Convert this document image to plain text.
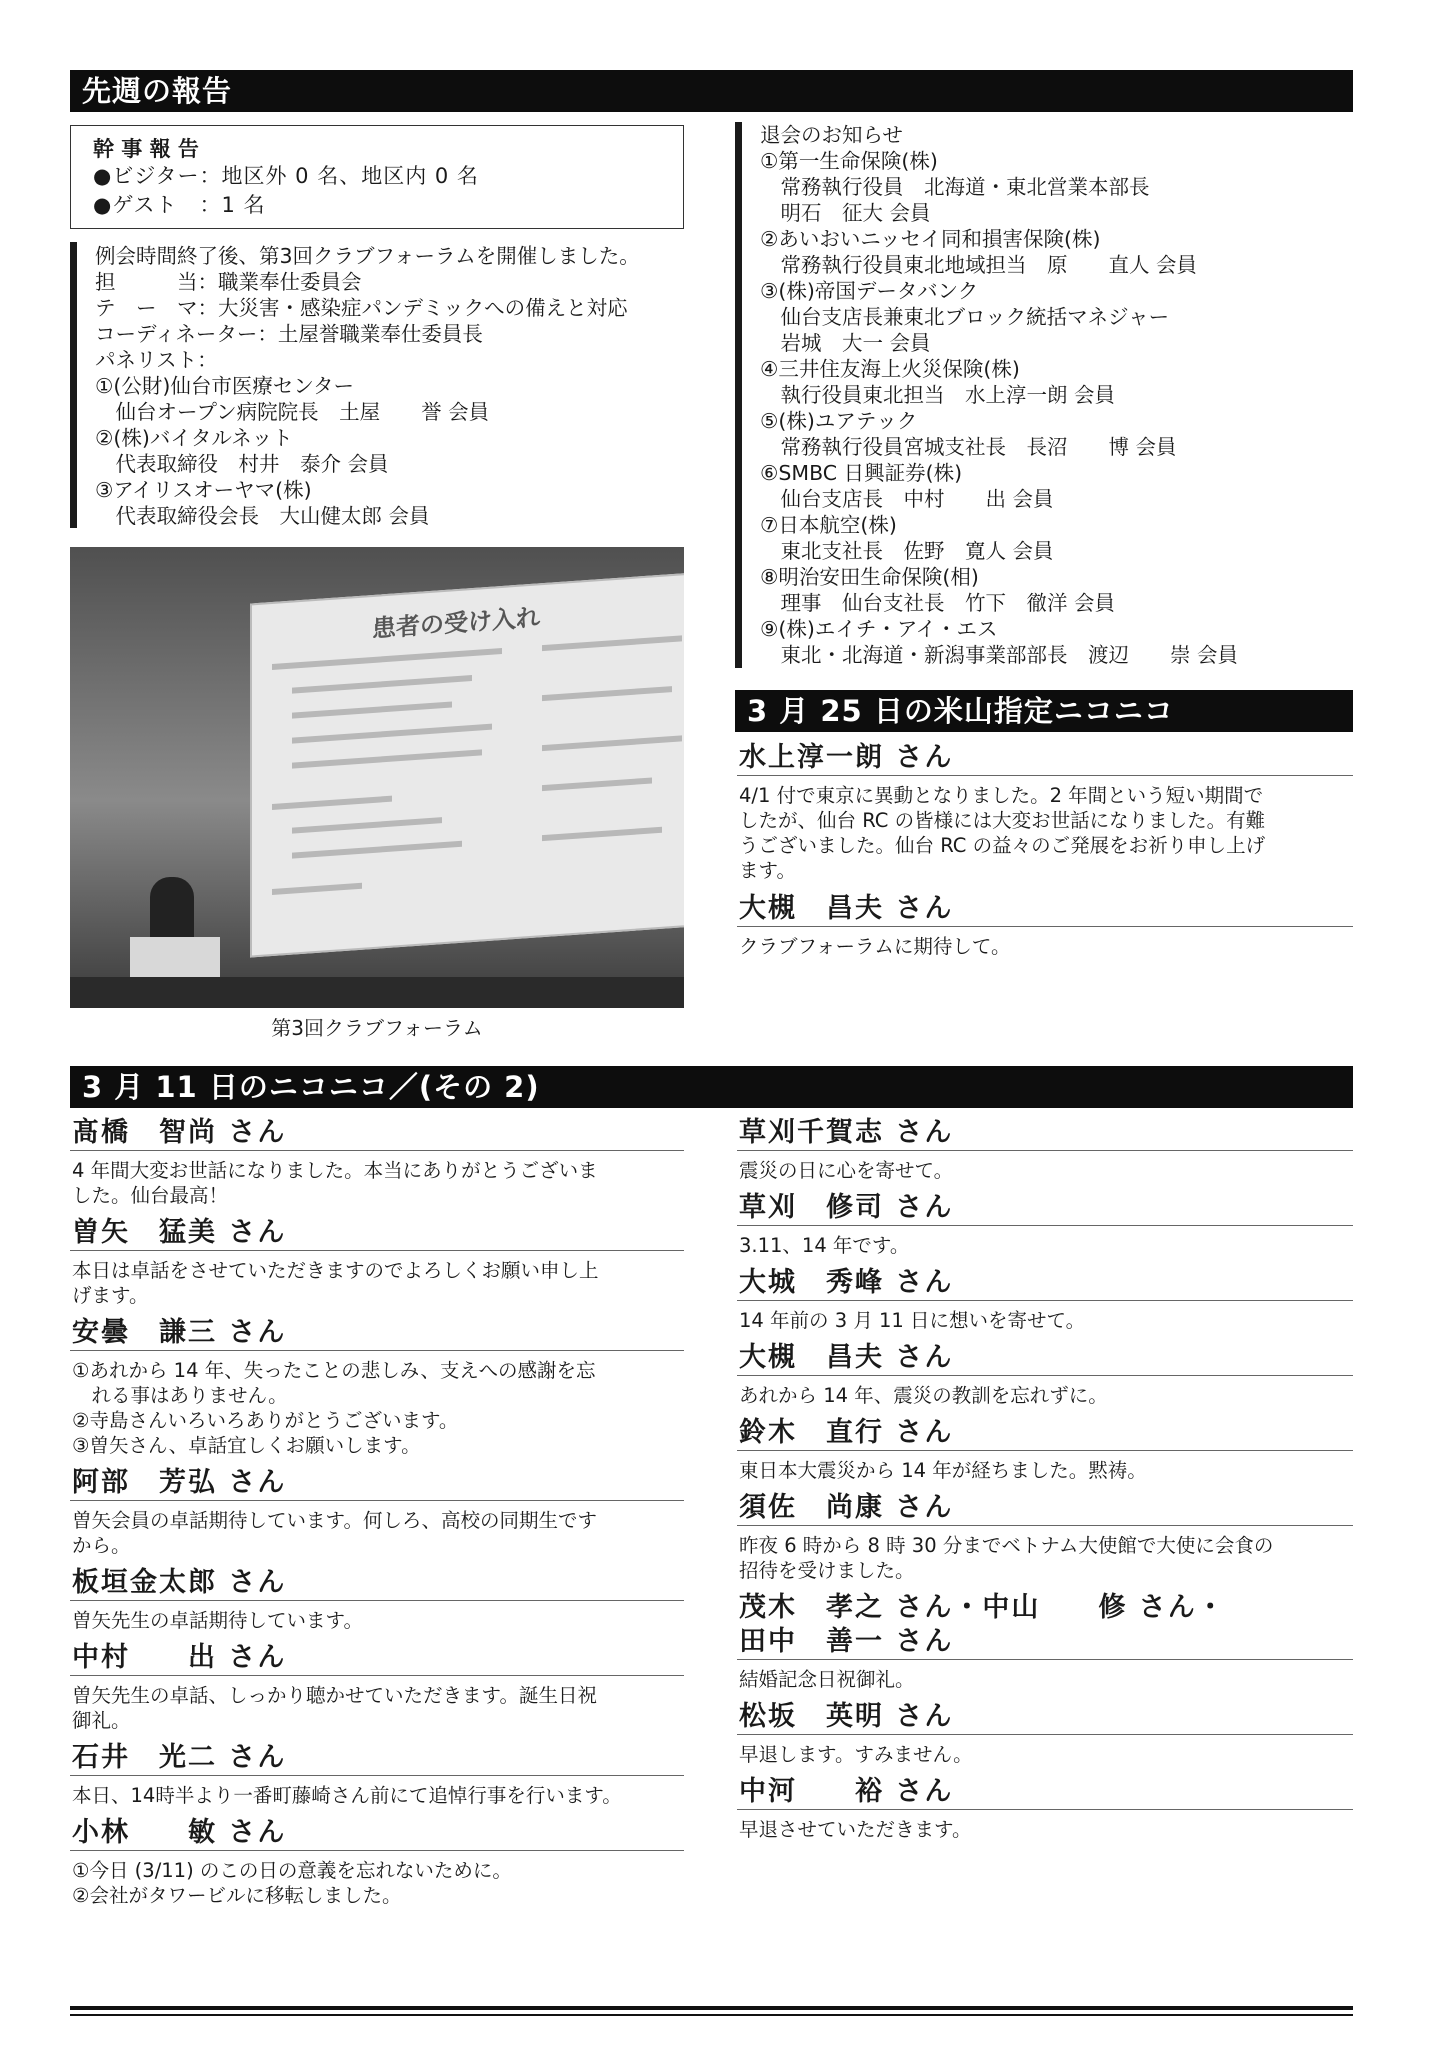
先週の報告
幹 事 報 告
●ビジター：地区外 0 名、地区内 0 名
●ゲスト　：1 名
例会時間終了後、第3回クラブフォーラムを開催しました。
担　　　当：職業奉仕委員会
テ　ー　マ：大災害・感染症パンデミックへの備えと対応
コーディネーター：土屋誉職業奉仕委員長
パネリスト：
①(公財)仙台市医療センター
　仙台オープン病院院長　土屋　　誉 会員
②(株)バイタルネット
　代表取締役　村井　泰介 会員
③アイリスオーヤマ(株)
　代表取締役会長　大山健太郎 会員
患者の受け入れ
第3回クラブフォーラム
退会のお知らせ
①第一生命保険(株)
　常務執行役員　北海道・東北営業本部長
　明石　征大 会員
②あいおいニッセイ同和損害保険(株)
　常務執行役員東北地域担当　原　　直人 会員
③(株)帝国データバンク
　仙台支店長兼東北ブロック統括マネジャー
　岩城　大一 会員
④三井住友海上火災保険(株)
　執行役員東北担当　水上淳一朗 会員
⑤(株)ユアテック
　常務執行役員宮城支社長　長沼　　博 会員
⑥SMBC 日興証券(株)
　仙台支店長　中村　　出 会員
⑦日本航空(株)
　東北支社長　佐野　寛人 会員
⑧明治安田生命保険(相)
　理事　仙台支社長　竹下　徹洋 会員
⑨(株)エイチ・アイ・エス
　東北・北海道・新潟事業部部長　渡辺　　崇 会員
3 月 25 日の米山指定ニコニコ
水上淳一朗 さん
4/1 付で東京に異動となりました。2 年間という短い期間で
したが、仙台 RC の皆様には大変お世話になりました。有難
うございました。仙台 RC の益々のご発展をお祈り申し上げ
ます。
大槻　昌夫 さん
クラブフォーラムに期待して。
3 月 11 日のニコニコ／(その 2)
髙橋　智尚 さん
4 年間大変お世話になりました。本当にありがとうございま
した。仙台最高！
曽矢　猛美 さん
本日は卓話をさせていただきますのでよろしくお願い申し上
げます。
安曇　謙三 さん
①あれから 14 年、失ったことの悲しみ、支えへの感謝を忘
　れる事はありません。
②寺島さんいろいろありがとうございます。
③曽矢さん、卓話宜しくお願いします。
阿部　芳弘 さん
曽矢会員の卓話期待しています。何しろ、高校の同期生です
から。
板垣金太郎 さん
曽矢先生の卓話期待しています。
中村　　出 さん
曽矢先生の卓話、しっかり聴かせていただきます。誕生日祝
御礼。
石井　光二 さん
本日、14時半より一番町藤崎さん前にて追悼行事を行います。
小林　　敏 さん
①今日 (3/11) のこの日の意義を忘れないために。
②会社がタワービルに移転しました。
草刈千賀志 さん
震災の日に心を寄せて。
草刈　修司 さん
3.11、14 年です。
大城　秀峰 さん
14 年前の 3 月 11 日に想いを寄せて。
大槻　昌夫 さん
あれから 14 年、震災の教訓を忘れずに。
鈴木　直行 さん
東日本大震災から 14 年が経ちました。黙祷。
須佐　尚康 さん
昨夜 6 時から 8 時 30 分までベトナム大使館で大使に会食の
招待を受けました。
茂木　孝之 さん・中山　　修 さん・
田中　善一 さん
結婚記念日祝御礼。
松坂　英明 さん
早退します。すみません。
中河　　裕 さん
早退させていただきます。
